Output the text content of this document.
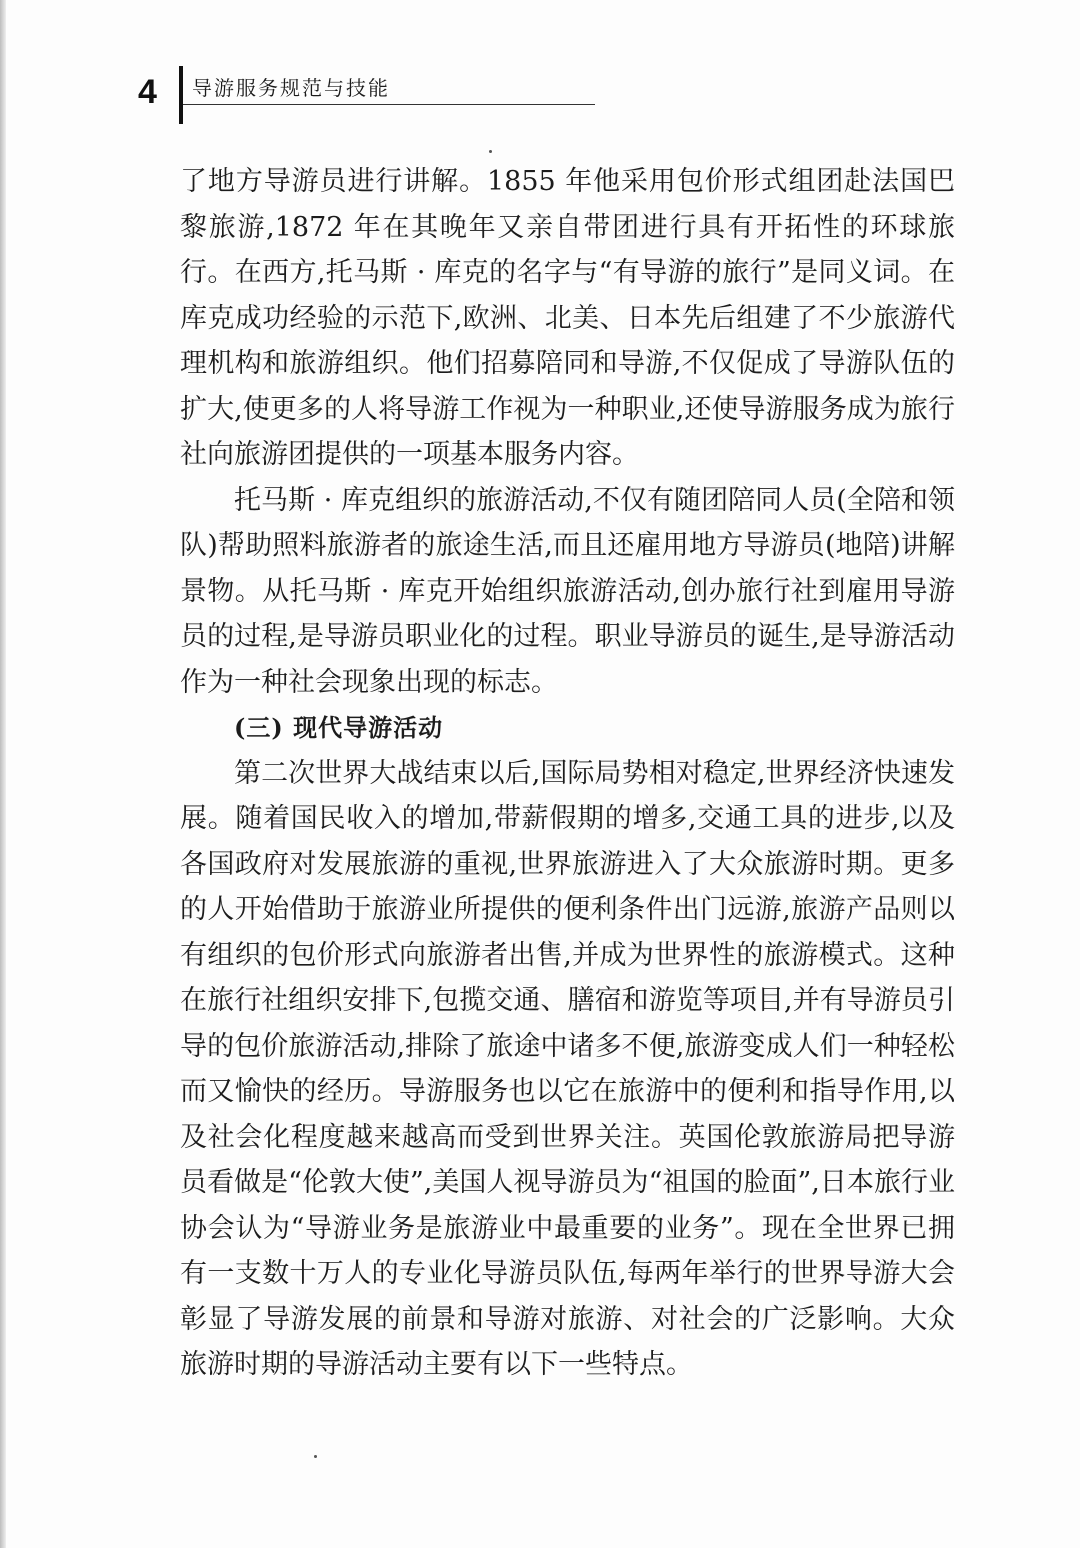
4 导游服务规范与技能

了地方导游员进行讲解。1855 年他采用包价形式组团赴法国巴黎旅游,1872 年在其晚年又亲自带团进行具有开拓性的环球旅行。在西方,托马斯 · 库克的名字与“有导游的旅行”是同义词。在库克成功经验的示范下,欧洲、北美、日本先后组建了不少旅游代理机构和旅游组织。他们招募陪同和导游,不仅促成了导游队伍的扩大,使更多的人将导游工作视为一种职业,还使导游服务成为旅行社向旅游团提供的一项基本服务内容。

托马斯 · 库克组织的旅游活动,不仅有随团陪同人员(全陪和领队)帮助照料旅游者的旅途生活,而且还雇用地方导游员(地陪)讲解景物。从托马斯 · 库克开始组织旅游活动,创办旅行社到雇用导游员的过程,是导游员职业化的过程。职业导游员的诞生,是导游活动作为一种社会现象出现的标志。

(三) 现代导游活动

第二次世界大战结束以后,国际局势相对稳定,世界经济快速发展。随着国民收入的增加,带薪假期的增多,交通工具的进步,以及各国政府对发展旅游的重视,世界旅游进入了大众旅游时期。更多的人开始借助于旅游业所提供的便利条件出门远游,旅游产品则以有组织的包价形式向旅游者出售,并成为世界性的旅游模式。这种在旅行社组织安排下,包揽交通、膳宿和游览等项目,并有导游员引导的包价旅游活动,排除了旅途中诸多不便,旅游变成人们一种轻松而又愉快的经历。导游服务也以它在旅游中的便利和指导作用,以及社会化程度越来越高而受到世界关注。英国伦敦旅游局把导游员看做是“伦敦大使”,美国人视导游员为“祖国的脸面”,日本旅行业协会认为“导游业务是旅游业中最重要的业务”。现在全世界已拥有一支数十万人的专业化导游员队伍,每两年举行的世界导游大会彰显了导游发展的前景和导游对旅游、对社会的广泛影响。大众旅游时期的导游活动主要有以下一些特点。
